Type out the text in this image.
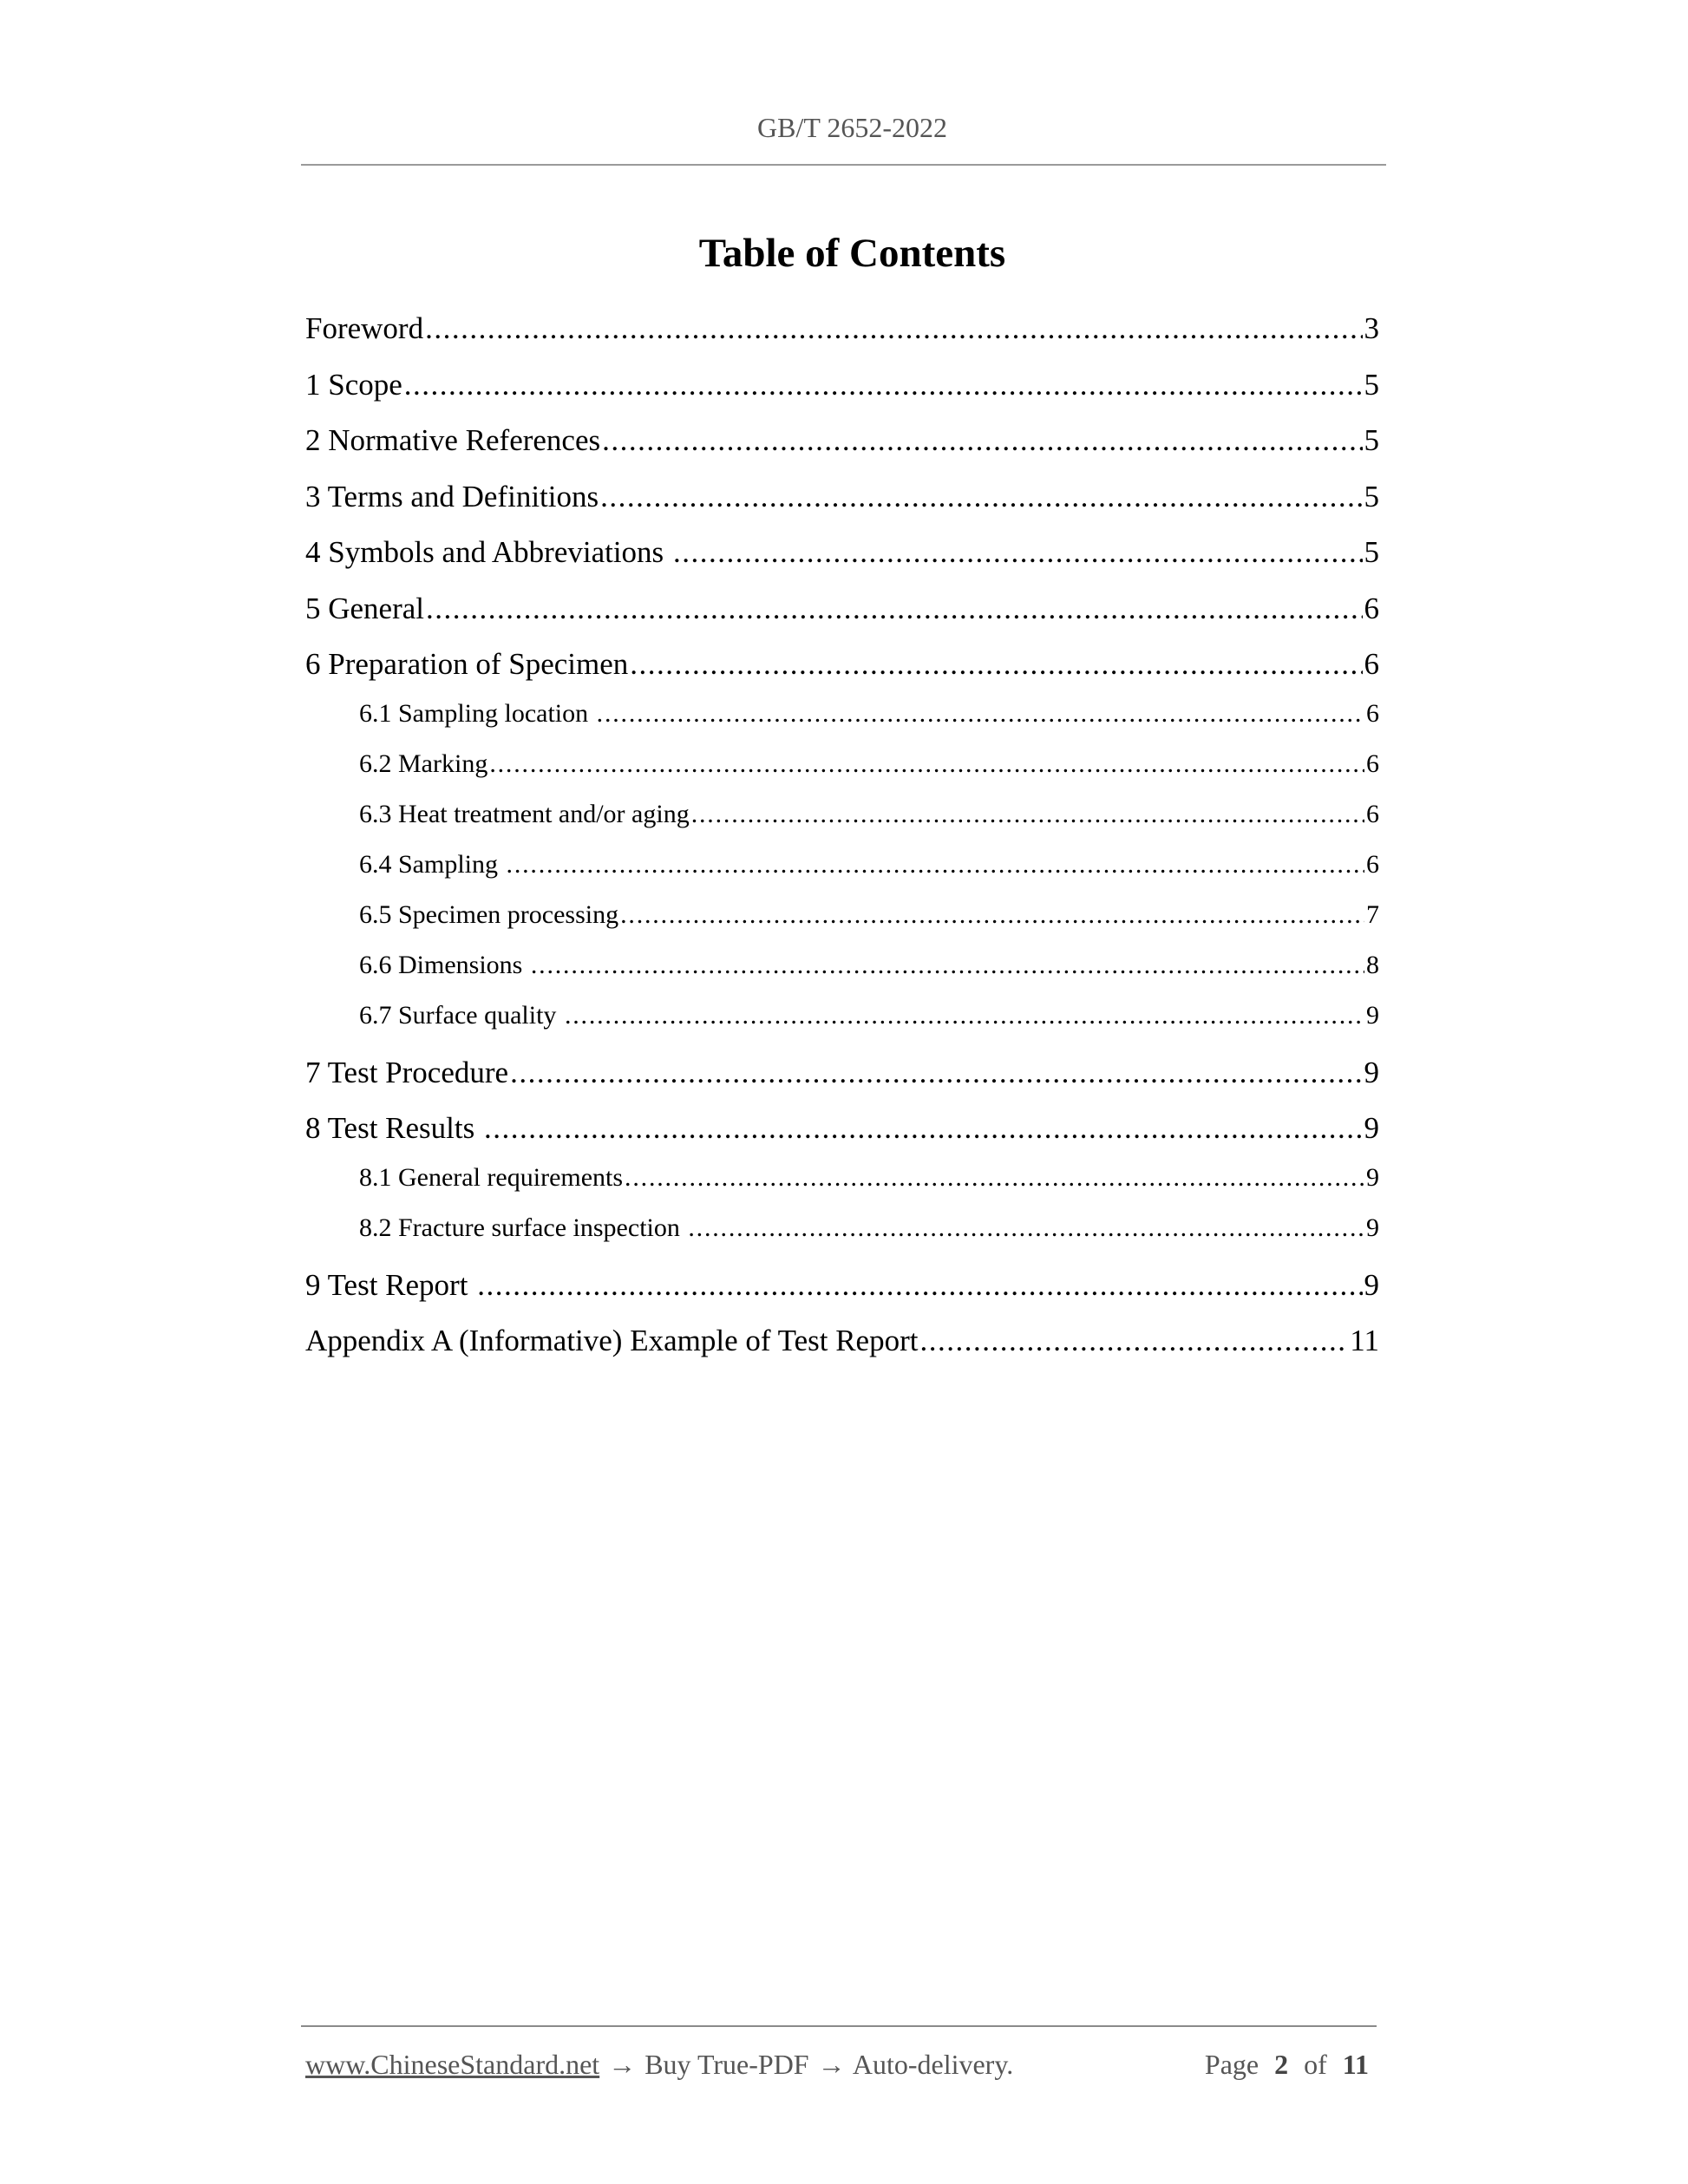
GB/T 2652-2022
Table of Contents
Foreword .....	3
1 Scope .....	5
2 Normative References .....	5
3 Terms and Definitions .....	5
4 Symbols and Abbreviations .....	5
5 General .....	6
6 Preparation of Specimen .....	6
6.1 Sampling location .....	6
6.2 Marking .....	6
6.3 Heat treatment and/or aging .....	6
6.4 Sampling .....	6
6.5 Specimen processing .....	7
6.6 Dimensions .....	8
6.7 Surface quality .....	9
7 Test Procedure .....	9
8 Test Results .....	9
8.1 General requirements .....	9
8.2 Fracture surface inspection .....	9
9 Test Report .....	9
Appendix A (Informative) Example of Test Report .....	11
www.ChineseStandard.net → Buy True-PDF → Auto-delivery.	Page 2 of 11
